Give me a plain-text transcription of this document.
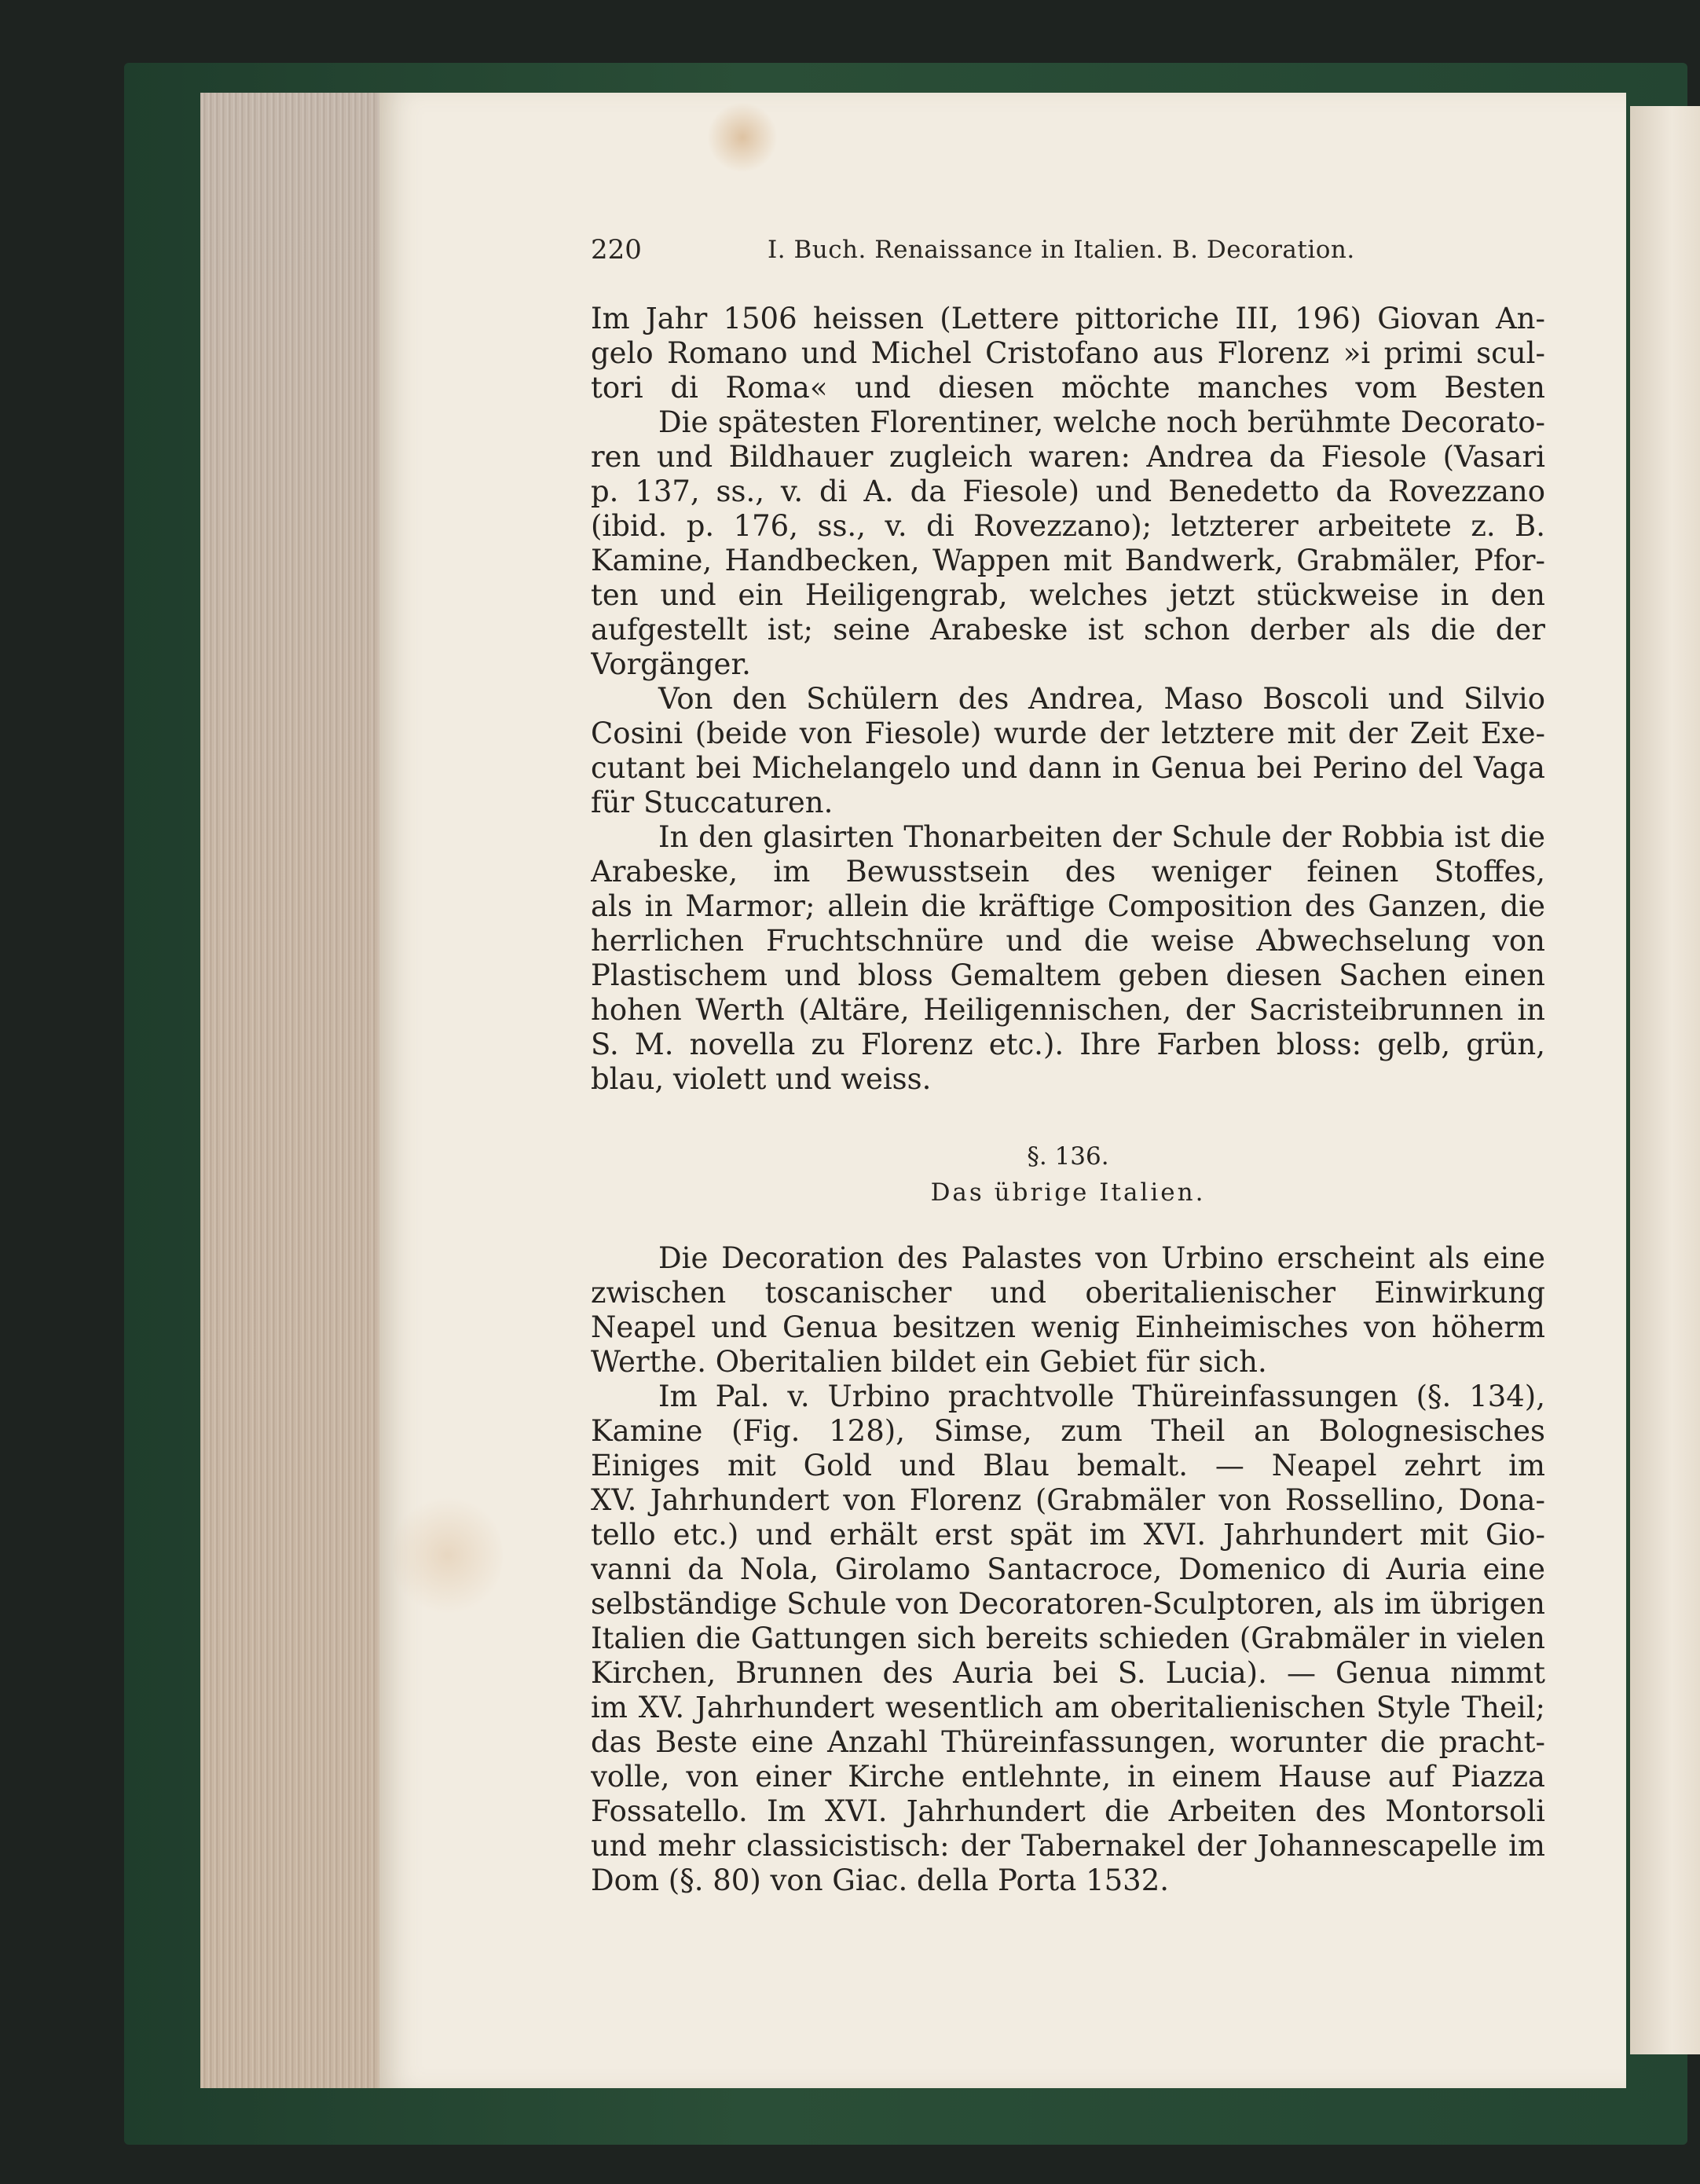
220	I. Buch. Renaissance in Italien. B. Decoration.
Im Jahr 1506 heissen (Lettere pittoriche III, 196) Giovan An-
gelo Romano und Michel Cristofano aus Florenz »i primi scul-
tori di Roma« und diesen möchte manches vom Besten
Die spätesten Florentiner, welche noch berühmte Decorato-
ren und Bildhauer zugleich waren: Andrea da Fiesole (Vasari
p. 137, ss., v. di A. da Fiesole) und Benedetto da Rovezzano
(ibid. p. 176, ss., v. di Rovezzano); letzterer arbeitete z. B.
Kamine, Handbecken, Wappen mit Bandwerk, Grabmäler, Pfor-
ten und ein Heiligengrab, welches jetzt stückweise in den
aufgestellt ist; seine Arabeske ist schon derber als die der
Vorgänger.
Von den Schülern des Andrea, Maso Boscoli und Silvio
Cosini (beide von Fiesole) wurde der letztere mit der Zeit Exe-
cutant bei Michelangelo und dann in Genua bei Perino del Vaga
für Stuccaturen.
In den glasirten Thonarbeiten der Schule der Robbia ist die
Arabeske, im Bewusstsein des weniger feinen Stoffes,
als in Marmor; allein die kräftige Composition des Ganzen, die
herrlichen Fruchtschnüre und die weise Abwechselung von
Plastischem und bloss Gemaltem geben diesen Sachen einen
hohen Werth (Altäre, Heiligennischen, der Sacristeibrunnen in
S. M. novella zu Florenz etc.). Ihre Farben bloss: gelb, grün,
blau, violett und weiss.
§. 136.
Das übrige Italien.
Die Decoration des Palastes von Urbino erscheint als eine
zwischen toscanischer und oberitalienischer Einwirkung
Neapel und Genua besitzen wenig Einheimisches von höherm
Werthe. Oberitalien bildet ein Gebiet für sich.
Im Pal. v. Urbino prachtvolle Thüreinfassungen (§. 134),
Kamine (Fig. 128), Simse, zum Theil an Bolognesisches
Einiges mit Gold und Blau bemalt. — Neapel zehrt im
XV. Jahrhundert von Florenz (Grabmäler von Rossellino, Dona-
tello etc.) und erhält erst spät im XVI. Jahrhundert mit Gio-
vanni da Nola, Girolamo Santacroce, Domenico di Auria eine
selbständige Schule von Decoratoren-Sculptoren, als im übrigen
Italien die Gattungen sich bereits schieden (Grabmäler in vielen
Kirchen, Brunnen des Auria bei S. Lucia). — Genua nimmt
im XV. Jahrhundert wesentlich am oberitalienischen Style Theil;
das Beste eine Anzahl Thüreinfassungen, worunter die pracht-
volle, von einer Kirche entlehnte, in einem Hause auf Piazza
Fossatello. Im XVI. Jahrhundert die Arbeiten des Montorsoli
und mehr classicistisch: der Tabernakel der Johannescapelle im
Dom (§. 80) von Giac. della Porta 1532.
